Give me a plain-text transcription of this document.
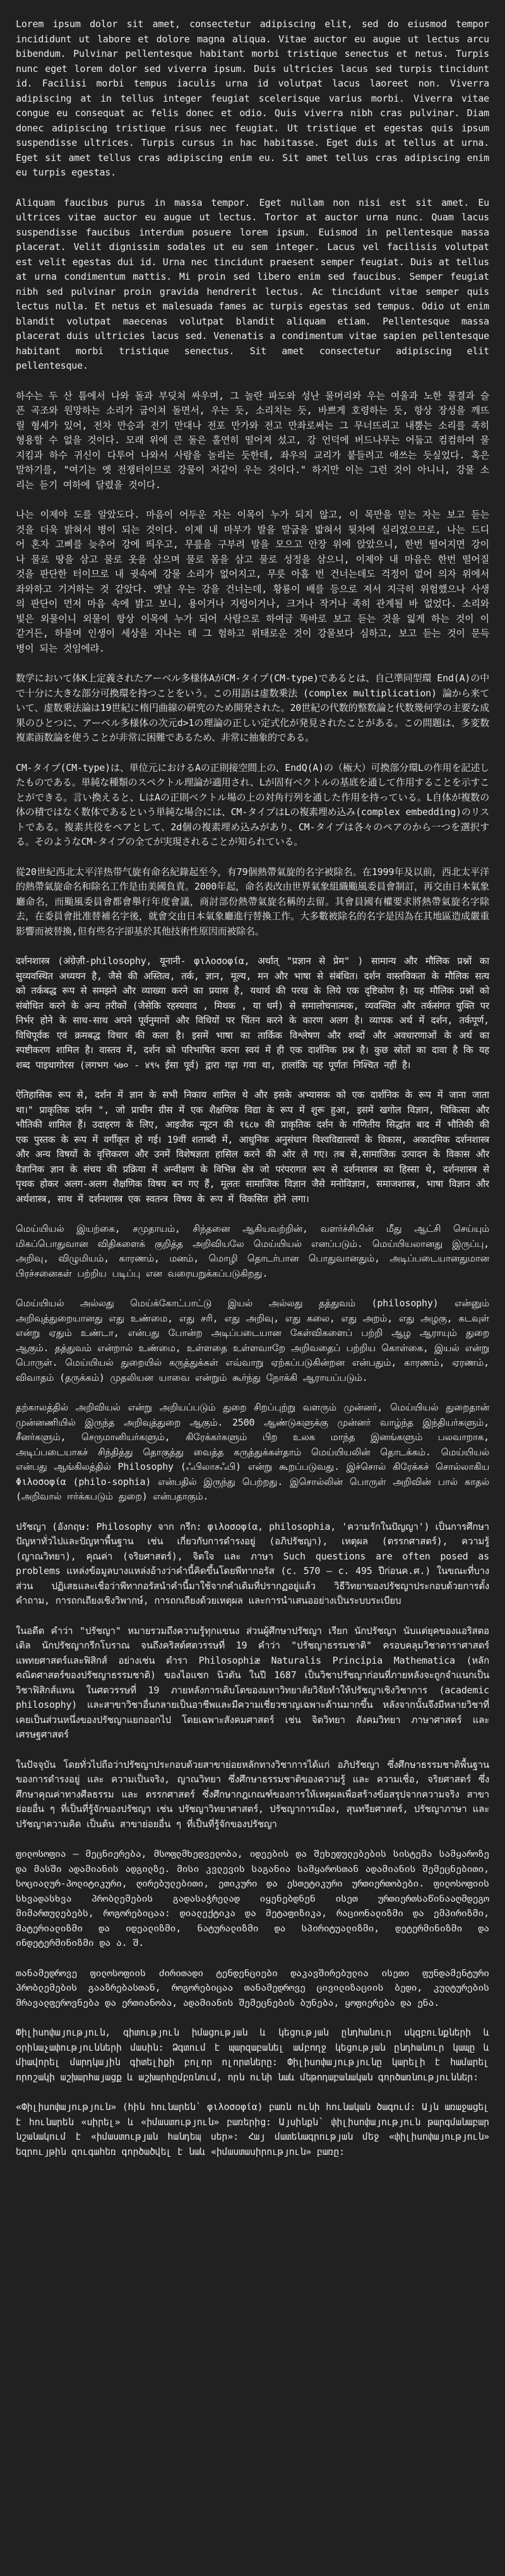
Lorem ipsum dolor sit amet, consectetur adipiscing elit, sed do eiusmod tempor incididunt ut labore et dolore magna aliqua. Vitae auctor eu augue ut lectus arcu bibendum. Pulvinar pellentesque habitant morbi tristique senectus et netus. Turpis nunc eget lorem dolor sed viverra ipsum. Duis ultricies lacus sed turpis tincidunt id. Facilisi morbi tempus iaculis urna id volutpat lacus laoreet non. Viverra adipiscing at in tellus integer feugiat scelerisque varius morbi. Viverra vitae congue eu consequat ac felis donec et odio. Quis viverra nibh cras pulvinar. Diam donec adipiscing tristique risus nec feugiat. Ut tristique et egestas quis ipsum suspendisse ultrices. Turpis cursus in hac habitasse. Eget duis at tellus at urna. Eget sit amet tellus cras adipiscing enim eu. Sit amet tellus cras adipiscing enim eu turpis egestas.

Aliquam faucibus purus in massa tempor. Eget nullam non nisi est sit amet. Eu ultrices vitae auctor eu augue ut lectus. Tortor at auctor urna nunc. Quam lacus suspendisse faucibus interdum posuere lorem ipsum. Euismod in pellentesque massa placerat. Velit dignissim sodales ut eu sem integer. Lacus vel facilisis volutpat est velit egestas dui id. Urna nec tincidunt praesent semper feugiat. Duis at tellus at urna condimentum mattis. Mi proin sed libero enim sed faucibus. Semper feugiat nibh sed pulvinar proin gravida hendrerit lectus. Ac tincidunt vitae semper quis lectus nulla. Et netus et malesuada fames ac turpis egestas sed tempus. Odio ut enim blandit volutpat maecenas volutpat blandit aliquam etiam. Pellentesque massa placerat duis ultricies lacus sed. Venenatis a condimentum vitae sapien pellentesque habitant morbi tristique senectus. Sit amet consectetur adipiscing elit pellentesque.

하수는 두 산 틈에서 나와 돌과 부딪쳐 싸우며, 그 놀란 파도와 성난 물머리와 우는 여울과 노한 물결과 슬픈 곡조와 원망하는 소리가 굽이쳐 돌면서, 우는 듯, 소리치는 듯, 바쁘게 호령하는 듯, 항상 장성을 깨뜨릴 형세가 있어, 전차 만승과 전기 만대나 전포 만가와 전고 만좌로써는 그 무너뜨리고 내뿜는 소리를 족히 형용할 수 없을 것이다. 모래 위에 큰 돌은 홀연히 떨어져 섰고, 강 언덕에 버드나무는 어둡고 컴컴하여 물지킴과 하수 귀신이 다투어 나와서 사람을 놀리는 듯한데, 좌우의 교리가 붙들려고 애쓰는 듯싶었다. 혹은 말하기를, "여기는 옛 전쟁터이므로 강물이 저같이 우는 것이다." 하지만 이는 그런 것이 아니니, 강물 소리는 듣기 여하에 달렸을 것이다.

나는 이제야 도를 알았도다. 마음이 어두운 자는 이목이 누가 되지 않고, 이 목만을 믿는 자는 보고 듣는 것을 더욱 밝혀서 병이 되는 것이다. 이제 내 마부가 발을 말굽을 밟혀서 뒷차에 실리었으므로, 나는 드디어 혼자 고삐를 늦추어 강에 띄우고, 무릎을 구부려 발을 모으고 안장 위에 앉았으니, 한번 떨어지면 강이나 물로 땅을 삼고 물로 옷을 삼으며 물로 몸을 삼고 물로 성정을 삼으니, 이제야 내 마음은 한번 떨어질 것을 판단한 터이므로 내 귓속에 강물 소리가 없어지고, 무릇 아홉 번 건너는데도 걱정이 없어 의자 위에서 좌와하고 기거하는 것 같았다. 옛날 우는 강을 건너는데, 황룡이 배를 등으로 져서 지극히 위험했으나 사생의 판단이 먼저 마음 속에 밝고 보니, 용이거나 지렁이거나, 크거나 작거나 족히 관계될 바 없었다. 소리와 빛은 외물이니 외물이 항상 이목에 누가 되어 사람으로 하여금 똑바로 보고 듣는 것을 잃게 하는 것이 이 같거든, 하물며 인생이 세상을 지나는 데 그 험하고 위태로운 것이 강물보다 심하고, 보고 듣는 것이 문득 병이 되는 것임에랴.

数学において体K上定義されたアーベル多様体AがCM-タイプ(CM-type)であるとは、自己準同型環 End(A)の中で十分に大きな部分可換環を持つことをいう。この用語は虚数乗法 (complex multiplication) 論から来ていて、虚数乗法論は19世紀に楕円曲線の研究のため開発された。20世紀の代数的整数論と代数幾何学の主要な成果のひとつに、アーベル多様体の次元d>1の理論の正しい定式化が発見されたことがある。この問題は、多変数複素函数論を使うことが非常に困難であるため、非常に抽象的である。

CM-タイプ(CM-type)は、単位元におけるAの正則接空間上の、EndQ(A)の（極大）可換部分環Lの作用を記述したものである。単純な種類のスペクトル理論が適用され、Lが固有ベクトルの基底を通して作用することを示すことができる。言い換えると、LはAの正則ベクトル場の上の対角行列を通した作用を持っている。L自体が複数の体の積ではなく数体であるという単純な場合には、CM-タイプはLの複素埋め込み(complex embedding)のリストである。複素共役をペアとして、2d個の複素埋め込みがあり、CM-タイプは各々のペアのから一つを選択する。そのようなCM-タイプの全てが実現されることが知られている。

從20世紀西北太平洋热带气旋有命名紀錄起至今，有79個熱帶氣旋的名字被除名。在1999年及以前，西北太平洋的熱帶氣旋命名和除名工作是由美國負責。2000年起，命名表改由世界氣象組織颱風委員會制訂，再交由日本氣象廳命名，而颱風委員會都會舉行年度會議，商討部份熱帶氣旋名稱的去留。其會員國有權要求將熱帶氣旋名字除去，在委員會批准替補名字後，就會交由日本氣象廳進行替換工作。大多數被除名的名字是因為在其地區造成嚴重影響而被替換,但有些名字卻基於其他技術性原因而被除名。

दर्शनशास्त्र (अंग्रेज़ी-philosophy, यूनानी- φιλοσοφία, अर्थात् "प्रज्ञान से प्रेम" ) सामान्य और मौलिक प्रश्नों का सुव्यवस्थित अध्ययन है, जैसे की अस्तित्व, तर्क, ज्ञान, मूल्य, मन और भाषा से संबंधित। दर्शन वास्तविकता के मौलिक सत्य को तर्कबद्ध रूप से समझने और व्याख्या करने का प्रयास है, यथार्थ की परख के लिये एक दृष्टिकोण है। यह मौलिक प्रश्नों को संबोधित करने के अन्य तरीकों (जैसेकि रहस्यवाद , मिथक , या धर्म) से समालोचनात्मक, व्यवस्थित और तर्कसंगत युक्ति पर निर्भर होने के साथ-साथ अपने पूर्वनुमानों और विधियों पर चिंतन करने के कारण अलग है। व्यापक अर्थ में दर्शन, तर्कपूर्ण, विधिपूर्वक एवं क्रमबद्ध विचार की कला है। इसमें भाषा का तार्किक विश्लेषण और शब्दों और अवधारणाओं के अर्थ का स्पष्टीकरण शामिल है। वास्तव में, दर्शन को परिभाषित करना स्वयं में ही एक दार्शनिक प्रश्न है। कुछ स्रोतों का दावा है कि यह शब्द पाइथागोरस (लगभग ५७० - ४९५ ईसा पूर्व) द्वारा गढ़ा गया था, हालांकि यह पूर्णतः निश्चित नहीं है।

ऐतिहासिक रूप से, दर्शन में ज्ञान के सभी निकाय शामिल थे और इसके अभ्यासक को एक दार्शनिक के रूप में जाना जाता था।" प्राकृतिक दर्शन ", जो प्राचीन ग्रीस में एक शैक्षणिक विद्या के रूप में शुरू हुआ, इसमें खगोल विज्ञान, चिकित्सा और भौतिकी शामिल हैं। उदाहरण के लिए, आइजैक न्यूटन की १६८७ की प्राकृतिक दर्शन के गणितीय सिद्धांत बाद में भौतिकी की एक पुस्तक के रूप में वर्गीकृत हो गई। 19वीं शताब्दी में, आधुनिक अनुसंधान विश्वविद्यालयों के विकास, अकादमिक दर्शनशास्त्र और अन्य विषयों के वृत्तिकरण और उनमें विशेषज्ञता हासिल करने की ओर ले गए। तब से,सामाजिक उत्पादन के विकास और वैज्ञानिक ज्ञान के संचय की प्रक्रिया में अन्वीक्षण के विभिन्न क्षेत्र जो परंपरागत रूप से दर्शनशास्त्र का हिस्सा थे, दर्शनशास्त्र से पृथक होकर अलग-अलग शैक्षणिक विषय बन गए हैं, मूलतः सामाजिक विज्ञान जैसे मनोविज्ञान, समाजशास्त्र, भाषा विज्ञान और अर्थशास्त्र, साथ में दर्शनशास्त्र एक स्वतन्त्र विषय के रूप में विकसित होने लगा।

மெய்யியல் இயற்கை, சமுதாயம், சிந்தனை ஆகியவற்றின், வளர்ச்சியின் மீது ஆட்சி செய்யும் மிகப்பொதுவான விதிகளைக் குறித்த அறிவியலே மெய்யியல் எனப்படும். மெய்யியலானது இருப்பு, அறிவு, விழுமியம், காரணம், மனம், மொழி தொடர்பான பொதுவானதும், அடிப்படையானதுமான பிரச்சனைகள் பற்றிய படிப்பு என வரையறுக்கப்படுகிறது.

மெய்யியல் அல்லது மெய்க்கோட்பாட்டு இயல் அல்லது தத்துவம் (philosophy) என்னும் அறிவுத்துறையானது எது உண்மை, எது சரி, எது அறிவு, எது கலை, எது அறம், எது அழகு, கடவுள் என்று ஏதும் உண்டா, என்பது போன்ற அடிப்படையான கேள்விகளைப் பற்றி ஆழ ஆராயும் துறை ஆகும். தத்துவம் என்றால் உண்மை, உள்ளதை உள்ளவாறே அறிவதைப் பற்றிய கொள்கை, இயல் என்று பொருள். மெய்யியல் துறையில் கருத்துக்கள் எவ்வாறு ஏற்கப்படுகின்றன என்பதும், காரணம், ஏரணம், விவாதம் (தருக்கம்) முதலியன யாவை என்றும் கூர்ந்து நோக்கி ஆராயப்படும்.

தற்காலத்தில் அறிவியல் என்று அறியப்படும் துறை சிறப்புற்று வளரும் முன்னர், மெய்யியல் துறைதான் முன்னணியில் இருந்த அறிவுத்துறை ஆகும். 2500 ஆண்டுகளுக்கு முன்னர் வாழ்ந்த இந்தியர்களும், சீனர்களும், செருமானியர்களும், கிரேக்கர்களும் பிற உலக மாந்த இனங்களும் பலவாறாக, அடிப்படையாகச் சிந்தித்து தொகுத்து வைத்த கருத்துக்கள்தாம் மெய்யியலின் தொடக்கம். மெய்யியல் என்பது ஆங்கிலத்தில் Philosophy (ஃபிலாசஃபி) என்று கூறப்படுவது. இச்சொல் கிரேக்கச் சொல்லாகிய Φιλοσοφία (philo-sophia) என்பதில் இருந்து பெற்றது. இசொல்லின் பொருள் அறிவின் பால் காதல் (அறிவால் ஈர்க்கபடும் துறை) என்பதாகும்.

ปรัชญา (อังกฤษ: Philosophy จาก กรีก: φιλοσοφία, philosophia, 'ความรักในปัญญา') เป็นการศึกษาปัญหาทั่วไปและปัญหาพื้นฐาน เช่น เกี่ยวกับการดำรงอยู่ (อภิปรัชญา), เหตุผล (ตรรกศาสตร์), ความรู้ (ญาณวิทยา), คุณค่า (จริยศาสตร์), จิตใจ และ ภาษา Such questions are often posed as problems แหล่งข้อมูลบางแหล่งอ้างว่าคำนี้คิดขึ้นโดยพีทากอรัส (c. 570 – c. 495 ปีก่อนค.ศ.) ในขณะที่บางส่วน ปฏิเสธและเชื่อว่าพีทากอรัสนำคำนี้มาใช้จากคำเดิมที่ปรากฏอยู่แล้ว วิธีวิทยาของปรัชญาประกอบด้วยการตั้งคำถาม, การถกเถียงเชิงวิพากษ์, การถกเถียงด้วยเหตุผล และการนำเสนออย่างเป็นระบบระเบียบ

ในอดีต คำว่า "ปรัชญา" หมายรวมถึงความรู้ทุกแขนง ส่วนผู้ศึกษาปรัชญา เรียก นักปรัชญา นับแต่ยุคของแอริสตอเติล นักปรัชญากรีกโบราณ จนถึงคริสต์ศตวรรษที่ 19 คำว่า "ปรัชญาธรรมชาติ" ครอบคลุมวิชาดาราศาสตร์ แพทยศาสตร์และฟิสิกส์ อย่างเช่น ตำรา Philosophiæ Naturalis Principia Mathematica (หลักคณิตศาสตร์ของปรัชญาธรรมชาติ) ของไอแซก นิวตัน ในปี 1687 เป็นวิชาปรัชญาก่อนที่ภายหลังจะถูกจำแนกเป็นวิชาฟิสิกส์แทน ในศตวรรษที่ 19 ภายหลังการเติบโตของมหาวิทยาลัยวิจัยทำให้ปรัชญาเชิงวิชาการ (academic philosophy) และสาขาวิชาอื่นกลายเป็นอาชีพและมีความเชี่ยวชาญเฉพาะด้านมากขึ้น หลังจากนั้นจึงมีหลายวิชาที่เคยเป็นส่วนหนึ่งของปรัชญาแยกออกไป โดยเฉพาะสังคมศาสตร์ เช่น จิตวิทยา สังคมวิทยา ภาษาศาสตร์ และเศรษฐศาสตร์

ในปัจจุบัน โดยทั่วไปถือว่าปรัชญาประกอบด้วยสาขาย่อยหลักทางวิชาการได้แก่ อภิปรัชญา ซึ่งศึกษาธรรมชาติพื้นฐานของการดำรงอยู่ และ ความเป็นจริง, ญาณวิทยา ซึ่งศึกษาธรรมชาติของความรู้ และ ความเชื่อ, จริยศาสตร์ ซึ่งศึกษาคุณค่าทางศีลธรรม และ ตรรกศาสตร์ ซึ่งศึกษากฎเกณฑ์ของการให้เหตุผลเพื่อสร้างข้อสรุปจากความจริง สาขาย่อยอื่น ๆ ที่เป็นที่รู้จักของปรัชญา เช่น ปรัชญาวิทยาศาสตร์, ปรัชญาการเมือง, สุนทรียศาสตร์, ปรัชญาภาษา และ ปรัชญาความคิด เป็นต้น สาขาย่อยอื่น ๆ ที่เป็นที่รู้จักของปรัชญา

ფილოსოფია — მეცნიერება, მსოფლმხედველობა, იდეების და შეხედულებების სისტემა სამყაროზე და მასში ადამიანის ადგილზე. მისი კვლევის საგანია სამყაროსთან ადამიანის შემეცნებითი, სოციალურ-პოლიტიკური, ღირებულებითი, ეთიკური და ესთეტიკური ურთიერთობები. ფილოსოფიის სხვადასხვა პრობლემების გადასაჭრელად იყენებდნენ ისეთ ურთიერთსაწინააღმდეგო მიმართულებებს, როგორებიცაა: დიალექტიკა და მეტაფიზიკა, რაციონალიზმი და ემპირიზმი, მატერიალიზმი და იდეალიზმი, ნატურალიზმი და სპირიტუალიზმი, დეტერმინიზმი და ინდეტერმინიზმი და ა. შ.

თანამედროვე ფილოსოფიის ძირითადი ტენდენციები დაკავშირებულია ისეთი ფუნდამენტური პრობლემების გააზრებასთან, როგორებიცაა თანამედროვე ცივილიზაციის ბედი, კულტურების მრავალფეროვნება და ერთიანობა, ადამიანის შემეცნების ბუნება, ყოფიერება და ენა.

Փիլիսոփայություն, գիտություն իմացության և կեցության ընդհանուր սկզբունքների և օրինաչափությունների մասին: Ձգտում է պարզաբանել ամբողջ կեցության ընդհանուր կապը և միավորել մարդկային գիտելիքի բոլոր ոլորտները: Փիլիսոփայությունը կարելի է համարել որոշակի աշխարհայացք և աշխարհըմբռնում, որն ունի նաև մեթոդաբանական գործառնություններ:

«Փիլիսոփայություն» (հին հունարեն՝ φιλοσοφία) բառն ունի հունական ծագում: Այն առաջացել է հունարեն «սիրել» և «իմաստություն» բառերից: Այսինքն՝ փիլիսոփայություն թարգմանաբար նշանակում է «իմաստության հանդեպ սեր»: Հայ մատենագրության մեջ «փիլիսոփայություն» եզրույթին զուգահեռ գործածվել է նաև «իմաստասիրություն» բառը:
